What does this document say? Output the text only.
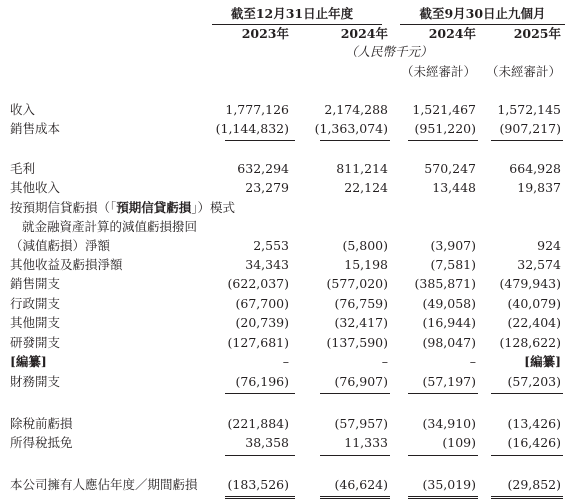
截至12月31日止年度	截至9月30日止九個月
2023年	2024年	2024年	2025年
（人民幣千元）
（未經審計） （未經審計）
收入	1,777,126	2,174,288 1,521,467 1,572,145
銷售成本	(1,144,832) (1,363,074) (951,220) (907,217)
毛利	632,294	811,214	570,247	664,928
其他收入	23,279	22,124	13,448	19,837
按預期信貸虧損（「預期信貸虧損」）模式
就金融資產計算的減值虧損撥回
（減值虧損）淨額	2,553	(5,800)	(3,907)	924
其他收益及虧損淨額	34,343	15,198	(7,581)	32,574
銷售開支	(622,037)	(577,020) (385,871) (479,943)
行政開支	(67,700)	(76,759)	(49,058)	(40,079)
其他開支	(20,739)	(32,417)	(16,944)	(22,404)
研發開支	(127,681)	(137,590)	(98,047) (128,622)
[編纂]	–	–	–	[編纂]
財務開支	(76,196)	(76,907)	(57,197)	(57,203)
除稅前虧損	(221,884)	(57,957)	(34,910)	(13,426)
所得稅抵免	38,358	11,333	(109)	(16,426)
本公司擁有人應佔年度／期間虧損 (183,526)	(46,624)	(35,019)	(29,852)
